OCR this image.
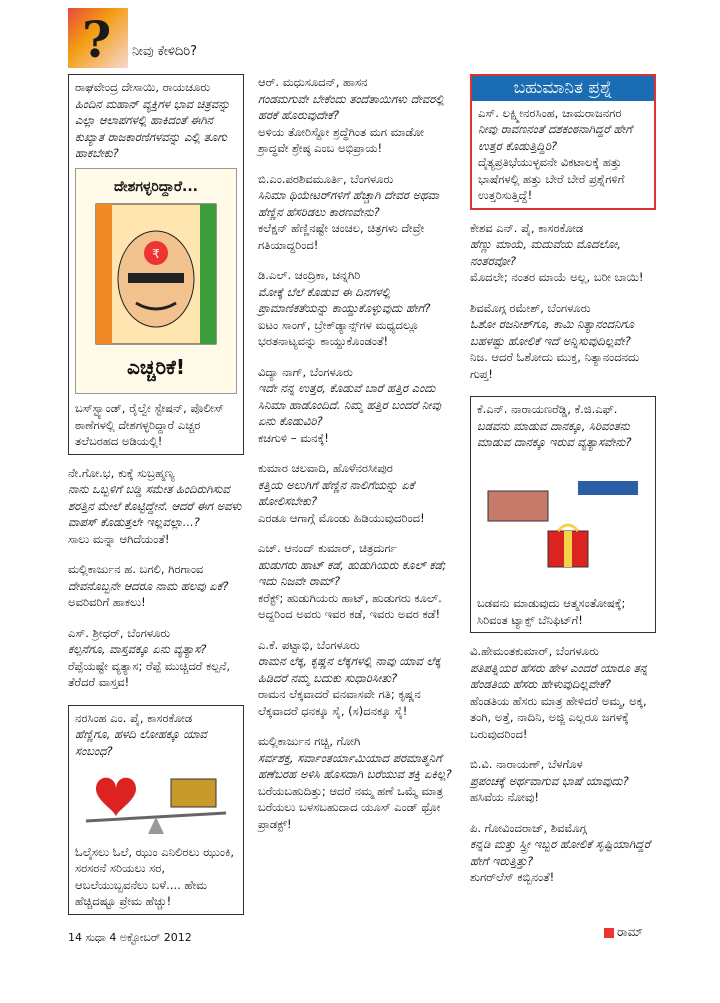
? ನೀವು ಕೇಳಿದಿರಿ?

ರಾಘವೇಂದ್ರ ದೇಸಾಯಿ, ರಾಯಚೂರು

ಹಿಂದಿನ ಮಹಾನ್ ವ್ಯಕ್ತಿಗಳ ಭಾವ ಚಿತ್ರವನ್ನು ಎಲ್ಲಾ ಆಲಾಪಗಳಲ್ಲಿ ಹಾಕಿದಂತೆ ಈಗಿನ ಕುಖ್ಯಾತ ರಾಜಕಾರಣಿಗಳವನ್ನು ಎಲ್ಲಿ ತೂಗು ಹಾಕಬೇಕು?

ದೇಶಗಳ್ಳರಿದ್ದಾರೆ...
₹
ಎಚ್ಚರಿಕೆ!

ಬಸ್‌ಸ್ಟ್ಯಾಂಡ್, ರೈಲ್ವೇ ಸ್ಟೇಷನ್, ಪೊಲೀಸ್ ಠಾಣೆಗಳಲ್ಲಿ ದೇಶಗಳ್ಳರಿದ್ದಾರೆ ಎಚ್ಚರ ತಲೆಬರಹದ ಅಡಿಯಲ್ಲಿ!

ನೇ.ಗೋ.ಭ, ಕುಕ್ಕೆ ಸುಬ್ರಹ್ಮಣ್ಯ

ನಾನು ಒಬ್ಬಳಿಗೆ ಬಡ್ಡಿ ಸಮೇತ ಹಿಂದಿರುಗಿಸುವ ಶರತ್ತಿನ ಮೇಲೆ ಕೊಟ್ಟಿದ್ದೇನೆ. ಆದರೆ ಈಗ ಅವಳು ವಾಪಸ್ ಕೊಡುತ್ತಲೇ ಇಲ್ಲವಲ್ಲಾ...?

ಸಾಲು ಮನ್ನಾ ಆಗಿದೆಯಂತೆ!

ಮಲ್ಲಿಕಾರ್ಜುನ ಹ. ಬಗಲಿ, ಗಿರಗಾಂವ

ದೇವನೊಬ್ಬನೇ ಆದರೂ ನಾಮ ಹಲವು ಏಕೆ?

ಅವರಿವರಿಗೆ ಹಾಕಲು!

ಎಸ್. ಶ್ರೀಧರ್, ಬೆಂಗಳೂರು

ಕಲ್ಪನೆಗೂ, ವಾಸ್ತವಕ್ಕೂ ಏನು ವ್ಯತ್ಯಾಸ?

ರೆಪ್ಪೆಯಷ್ಟೇ ವ್ಯತ್ಯಾಸ; ರೆಪ್ಪೆ ಮುಚ್ಚಿದರೆ ಕಲ್ಪನೆ, ತೆರೆದರೆ ವಾಸ್ತವ!

ನರಸಿಂಹ ಎಂ. ಪೈ, ಕಾಸರಕೋಡ

ಹೆಣ್ಣಿಗೂ, ಹಳದಿ ಲೋಹಕ್ಕೂ ಯಾವ ಸಂಬಂಧ?

ಓಲೈಸಲು ಓಲೆ, ಝುಂ ಎನಿಲಿರಲು ಝುಂಕಿ, ಸರಸರನೆ ಸರಿಯಲು ಸರ, ಆಬಲೆಯುಬ್ಬವನೆಲು ಬಳೆ.... ಹೇಮ ಹೆಚ್ಚಿದಷ್ಟೂ ಪ್ರೇಮ ಹೆಚ್ಚು!

ಆರ್. ಮಧುಸೂದನ್, ಹಾಸನ

ಗಂಡಮಗುವೇ ಬೇಕೆಂದು ತಂದೆತಾಯಿಗಳು ದೇವರಲ್ಲಿ ಹರಕೆ ಹೊರುವುದೇಕೆ?

ಅಳಿಯ ತೋರಿಸ್ದೋ ಶ್ರದ್ಧೆಗಿಂತ ಮಗ ಮಾಡೋ ಶ್ರಾದ್ಧವೇ ಶ್ರೇಷ್ಠ ಎಂಬ ಅಭಿಪ್ರಾಯ!

ಬಿ.ಎಂ.ಪರಶಿವಮೂರ್ತಿ, ಬೆಂಗಳೂರು

ಸಿನಿಮಾ ಥಿಯೇಟರ್‌ಗಳಿಗೆ ಹೆಚ್ಚಾಗಿ ದೇವರ ಅಥವಾ ಹೆಣ್ಣಿನ ಹೆಸರಿಡಲು ಕಾರಣವೇನು?

ಕಲೆಕ್ಷನ್ ಹೆಣ್ಣಿನಷ್ಟೇ ಚಂಚಲ, ಚಿತ್ರಗಳು ದೇವ್ರೇ ಗತಿಯಾದ್ದರಿಂದ!

ಡಿ.ಎಲ್. ಚಂದ್ರಿಕಾ, ಚನ್ನಗಿರಿ

ಮೋಕ್ಕೆ ಬೆಲೆ ಕೊಡುವ ಈ ದಿನಗಳಲ್ಲಿ ಪ್ರಾಮಾಣಿಕತೆಯನ್ನು ಕಾಯ್ದುಕೊಳ್ಳುವುದು ಹೇಗೆ?

ಐಟಂ ಸಾಂಗ್, ಬ್ರೇಕ್‌ಡ್ಯಾನ್ಸ್‌ಗಳ ಮಧ್ಯದಲ್ಲೂ ಭರತನಾಟ್ಯವನ್ನು ಕಾಯ್ದುಕೊಂಡಂತೆ!

ವಿದ್ಯಾ ನಾಗ್, ಬೆಂಗಳೂರು

ಇದೇ ನನ್ನ ಉತ್ತರ, ಕೊಡುವೆ ಬಾರೆ ಹತ್ತಿರ ಎಂದು ಸಿನಿಮಾ ಹಾಡೊಂದಿದೆ. ನಿಮ್ಮ ಹತ್ತಿರ ಬಂದರೆ ನೀವು ಏನು ಕೊಡುವಿರಿ?

ಕಚಗುಳಿ – ಮನಕ್ಕೆ!

ಕುಮಾರ ಚಲವಾದಿ, ಹೊಳೆನರಸೀಪುರ

ಕತ್ತಿಯ ಅಲುಗಿಗೆ ಹೆಣ್ಣಿನ ನಾಲಿಗೆಯನ್ನು ಏಕೆ ಹೋಲಿಸಬೇಕು?

ಎರಡೂ ಆಗಾಗ್ಗೆ ಮೊಂಡು ಹಿಡಿಯುವುದರಿಂದ!

ಎಚ್. ಆನಂದ್ ಕುಮಾರ್, ಚಿತ್ರದುರ್ಗ

ಹುಡುಗರು ಹಾಟ್ ಕಡೆ, ಹುಡುಗಿಯರು ಕೂಲ್ ಕಡೆ; ಇದು ನಿಜವೇ ರಾಮ್?

ಕರೆಕ್ಟ್; ಹುಡುಗಿಯರು ಹಾಟ್, ಹುಡುಗರು ಕೂಲ್. ಅದ್ದರಿಂದ ಅವರು ಇವರ ಕಡೆ, ಇವರು ಅವರ ಕಡೆ!

ಎ.ಕೆ. ಪಟ್ಟಾಭಿ, ಬೆಂಗಳೂರು

ರಾಮನ ಲೆಕ್ಕ, ಕೃಷ್ಣನ ಲೆಕ್ಕಗಳಲ್ಲಿ ನಾವು ಯಾವ ಲೆಕ್ಕ ಹಿಡಿದರೆ ನಮ್ಮ ಬದುಕು ಸುಧಾರಿಸೀತು?

ರಾಮನ ಲೆಕ್ಕವಾದರೆ ವನವಾಸವೇ ಗತಿ; ಕೃಷ್ಣನ ಲೆಕ್ಕವಾದರೆ ಧನಕ್ಕೂ ಸೈ, (ಸ)ದನಕ್ಕೂ ಸೈ!

ಮಲ್ಲಿಕಾರ್ಜುನ ಗಚ್ಚಿ, ಗೋಗಿ

ಸರ್ವಶಕ್ತ, ಸರ್ವಾಂತರ್ಯಾಮಿಯಾದ ಪರಮಾತ್ಮನಿಗೆ ಹಣೆಬರಹ ಅಳಿಸಿ ಹೊಸದಾಗಿ ಬರೆಯುವ ಶಕ್ತಿ ಏಕಿಲ್ಲ?

ಬರೆಯಬಹುದಿತ್ತು; ಆದರೆ ನಮ್ಮ ಹಣೆ ಒಮ್ಮೆ ಮಾತ್ರ ಬರೆಯಲು ಬಳಸಬಹುದಾದ ಯೂಸ್ ಎಂಡ್ ಥ್ರೋ ಪ್ರಾಡಕ್ಟ್!

ಬಹುಮಾನಿತ ಪ್ರಶ್ನೆ

ಎಸ್. ಲಕ್ಷ್ಮೀನರಸಿಂಹ, ಚಾಮರಾಜನಗರ

ನೀವು ರಾವಣನಂತೆ ದಶಕಂಠನಾಗಿದ್ದರೆ ಹೇಗೆ ಉತ್ತರ ಕೊಡುತ್ತಿದ್ದಿರಿ?

ದೈತ್ಯಪ್ರತಿಭೆಯುಳ್ಳವನೇ ವಿಕಟಾಲಕ್ಕೆ ಹತ್ತು ಭಾಷೆಗಳಲ್ಲಿ ಹತ್ತು ಬೇರೆ ಬೇರೆ ಪ್ರಶ್ನೆಗಳಿಗೆ ಉತ್ತರಿಸುತ್ತಿದ್ದೆ!

ಕೇಶವ ಎನ್. ಪೈ, ಕಾಸರಕೋಡ

ಹೆಣ್ಣು ಮಾಯೆ, ಮದುವೆಯ ಮೊದಲೋ, ನಂತರವೋ?

ಮೊದಲೇ; ನಂತರ ಮಾಯೆ ಅಲ್ಲ, ಬರೀ ಬಾಯಿ!

ಶಿವಮೊಗ್ಗ ರಮೇಶ್, ಬೆಂಗಳೂರು

ಓಶೋ ರಜನೀಶ್‌ಗೂ, ಕಾಮಿ ನಿತ್ಯಾನಂದನಿಗೂ ಬಹಳಷ್ಟು ಹೋಲಿಕೆ ಇದೆ ಅನ್ನಿಸುವುದಿಲ್ಲವೇ?

ನಿಜ. ಆದರೆ ಓಶೋದು ಮುಕ್ತ, ನಿತ್ಯಾನಂದನದು ಗುಪ್ತ!

ಕೆ.ಎನ್. ನಾರಾಯಣರೆಡ್ಡಿ, ಕೆ.ಜಿ.ಎಫ್.

ಬಡವನು ಮಾಡುವ ದಾನಕ್ಕೂ, ಸಿರಿವಂತನು ಮಾಡುವ ದಾನಕ್ಕೂ ಇರುವ ವ್ಯತ್ಯಾಸವೇನು?

ಬಡವನು ಮಾಡುವುದು ಆತ್ಮಸಂತೋಷಕ್ಕೆ; ಸಿರಿವಂತ ಟ್ಯಾಕ್ಸ್ ಬೆನಿಫಿಟ್‌ಗೆ!

ವಿ.ಹೇಮಂತಕುಮಾರ್, ಬೆಂಗಳೂರು

ಪತಿಪತ್ನಿಯರ ಹೆಸರು ಹೇಳ ಎಂದರೆ ಯಾರೂ ತನ್ನ ಹೆಂಡತಿಯ ಹೆಸರು ಹೇಳುವುದಿಲ್ಲವೇಕೆ?

ಹೆಂಡತಿಯ ಹೆಸರು ಮಾತ್ರ ಹೇಳಿದರೆ ಅಮ್ಮ, ಅಕ್ಕ, ತಂಗಿ, ಅತ್ತೆ, ನಾದಿನಿ, ಅಜ್ಜಿ ಎಲ್ಲರೂ ಜಗಳಕ್ಕೆ ಬರುವುದರಿಂದ!

ಬಿ.ವಿ. ನಾರಾಯಣ್, ಬೆಳಗೊಳ

ಪ್ರಪಂಚಕ್ಕೆ ಅರ್ಥವಾಗುವ ಭಾಷೆ ಯಾವುದು?

ಹಸಿವೆಯ ನೋವು!

ಪಿ. ಗೋವಿಂದರಾಜ್, ಶಿವಮೊಗ್ಗ

ಕನ್ನಡಿ ಮತ್ತು ಸ್ತ್ರೀ ಇಬ್ಬರ ಹೋಲಿಕೆ ಸೃಷ್ಟಿಯಾಗಿದ್ದರೆ ಹೇಗೆ ಇರುತ್ತಿತ್ತು?

ಶುಗರ್‌ಲೆಸ್ ಕಬ್ಬಿನಂತೆ!

14 ಸುಧಾ 4 ಅಕ್ಟೋಬರ್ 2012	ರಾಮ್
